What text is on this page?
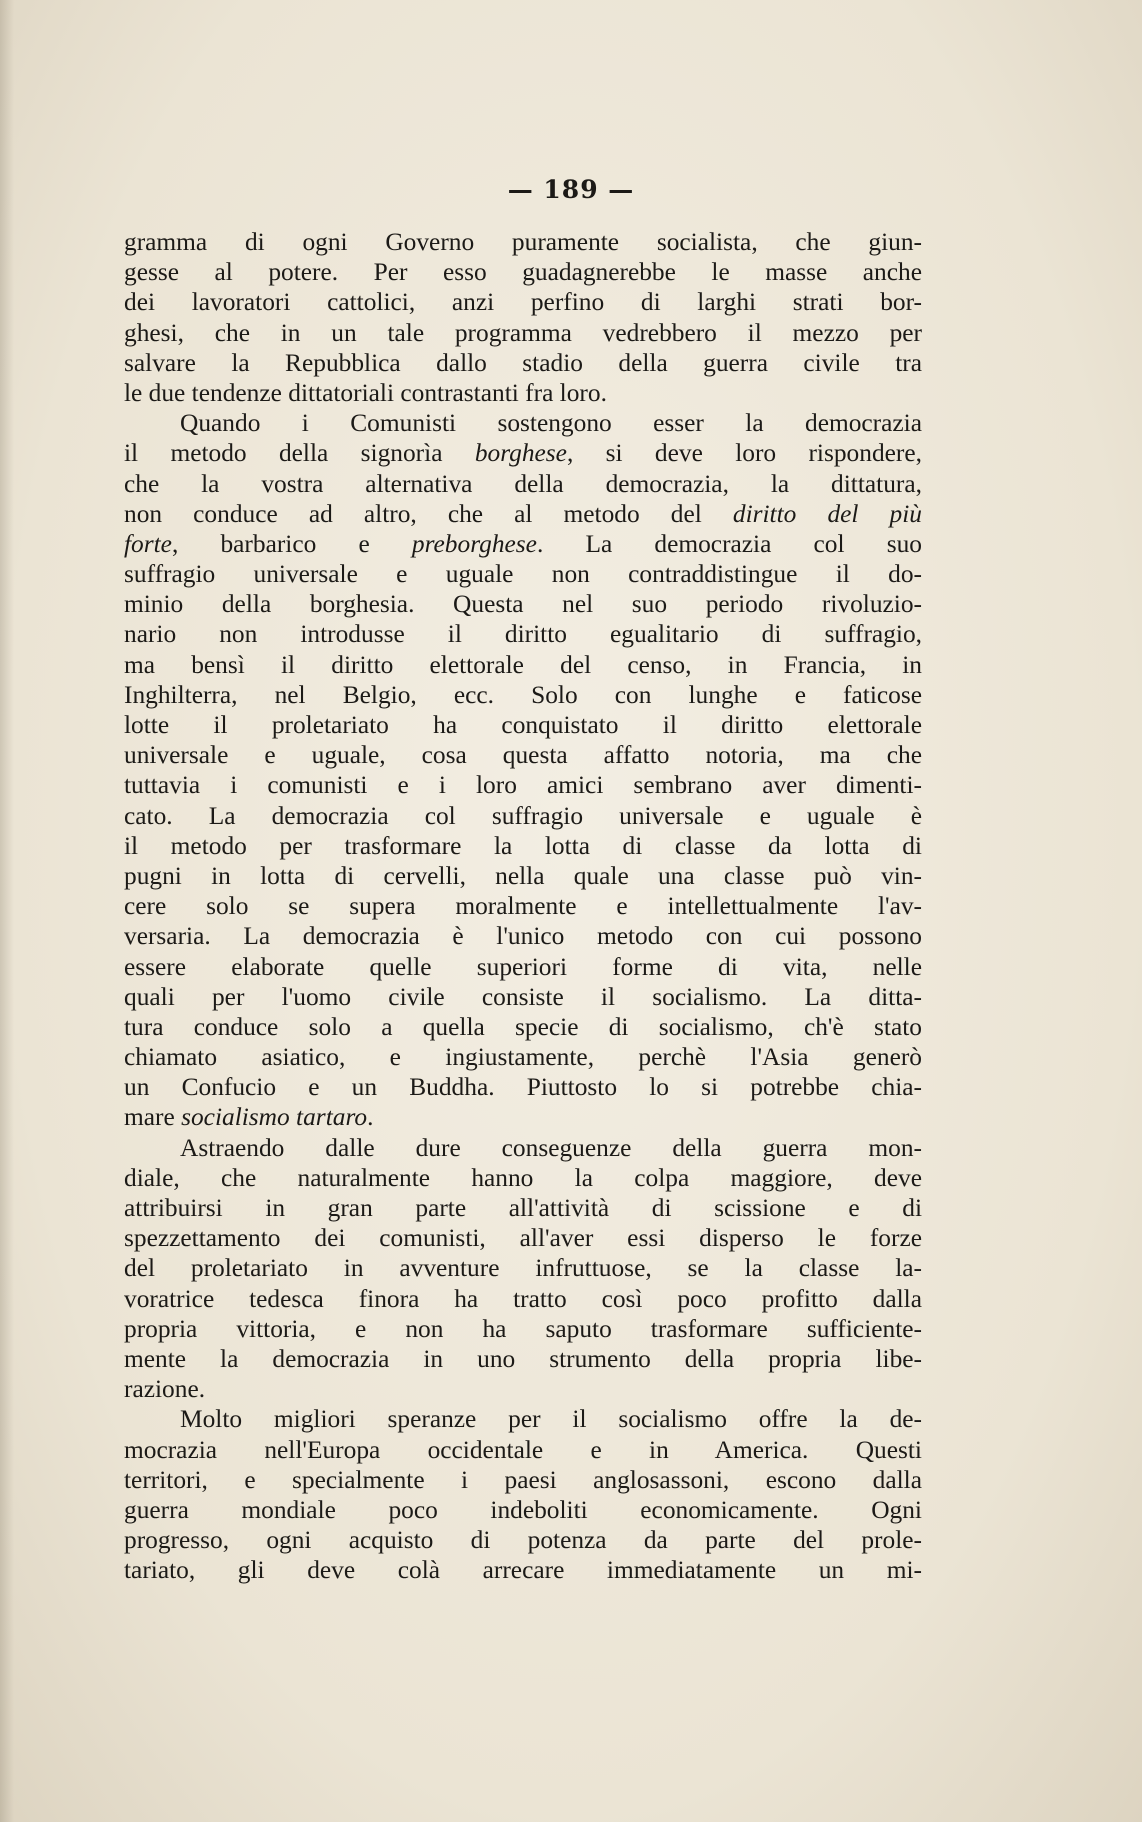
— 189 —
gramma di ogni Governo puramente socialista, che giun-
gesse al potere. Per esso guadagnerebbe le masse anche
dei lavoratori cattolici, anzi perfino di larghi strati bor-
ghesi, che in un tale programma vedrebbero il mezzo per
salvare la Repubblica dallo stadio della guerra civile tra
le due tendenze dittatoriali contrastanti fra loro.
Quando i Comunisti sostengono esser la democrazia
il metodo della signorìa borghese, si deve loro rispondere,
che la vostra alternativa della democrazia, la dittatura,
non conduce ad altro, che al metodo del diritto del più
forte, barbarico e preborghese. La democrazia col suo
suffragio universale e uguale non contraddistingue il do-
minio della borghesia. Questa nel suo periodo rivoluzio-
nario non introdusse il diritto egualitario di suffragio,
ma bensì il diritto elettorale del censo, in Francia, in
Inghilterra, nel Belgio, ecc. Solo con lunghe e faticose
lotte il proletariato ha conquistato il diritto elettorale
universale e uguale, cosa questa affatto notoria, ma che
tuttavia i comunisti e i loro amici sembrano aver dimenti-
cato. La democrazia col suffragio universale e uguale è
il metodo per trasformare la lotta di classe da lotta di
pugni in lotta di cervelli, nella quale una classe può vin-
cere solo se supera moralmente e intellettualmente l'av-
versaria. La democrazia è l'unico metodo con cui possono
essere elaborate quelle superiori forme di vita, nelle
quali per l'uomo civile consiste il socialismo. La ditta-
tura conduce solo a quella specie di socialismo, ch'è stato
chiamato asiatico, e ingiustamente, perchè l'Asia generò
un Confucio e un Buddha. Piuttosto lo si potrebbe chia-
mare socialismo tartaro.
Astraendo dalle dure conseguenze della guerra mon-
diale, che naturalmente hanno la colpa maggiore, deve
attribuirsi in gran parte all'attività di scissione e di
spezzettamento dei comunisti, all'aver essi disperso le forze
del proletariato in avventure infruttuose, se la classe la-
voratrice tedesca finora ha tratto così poco profitto dalla
propria vittoria, e non ha saputo trasformare sufficiente-
mente la democrazia in uno strumento della propria libe-
razione.
Molto migliori speranze per il socialismo offre la de-
mocrazia nell'Europa occidentale e in America. Questi
territori, e specialmente i paesi anglosassoni, escono dalla
guerra mondiale poco indeboliti economicamente. Ogni
progresso, ogni acquisto di potenza da parte del prole-
tariato, gli deve colà arrecare immediatamente un mi-
